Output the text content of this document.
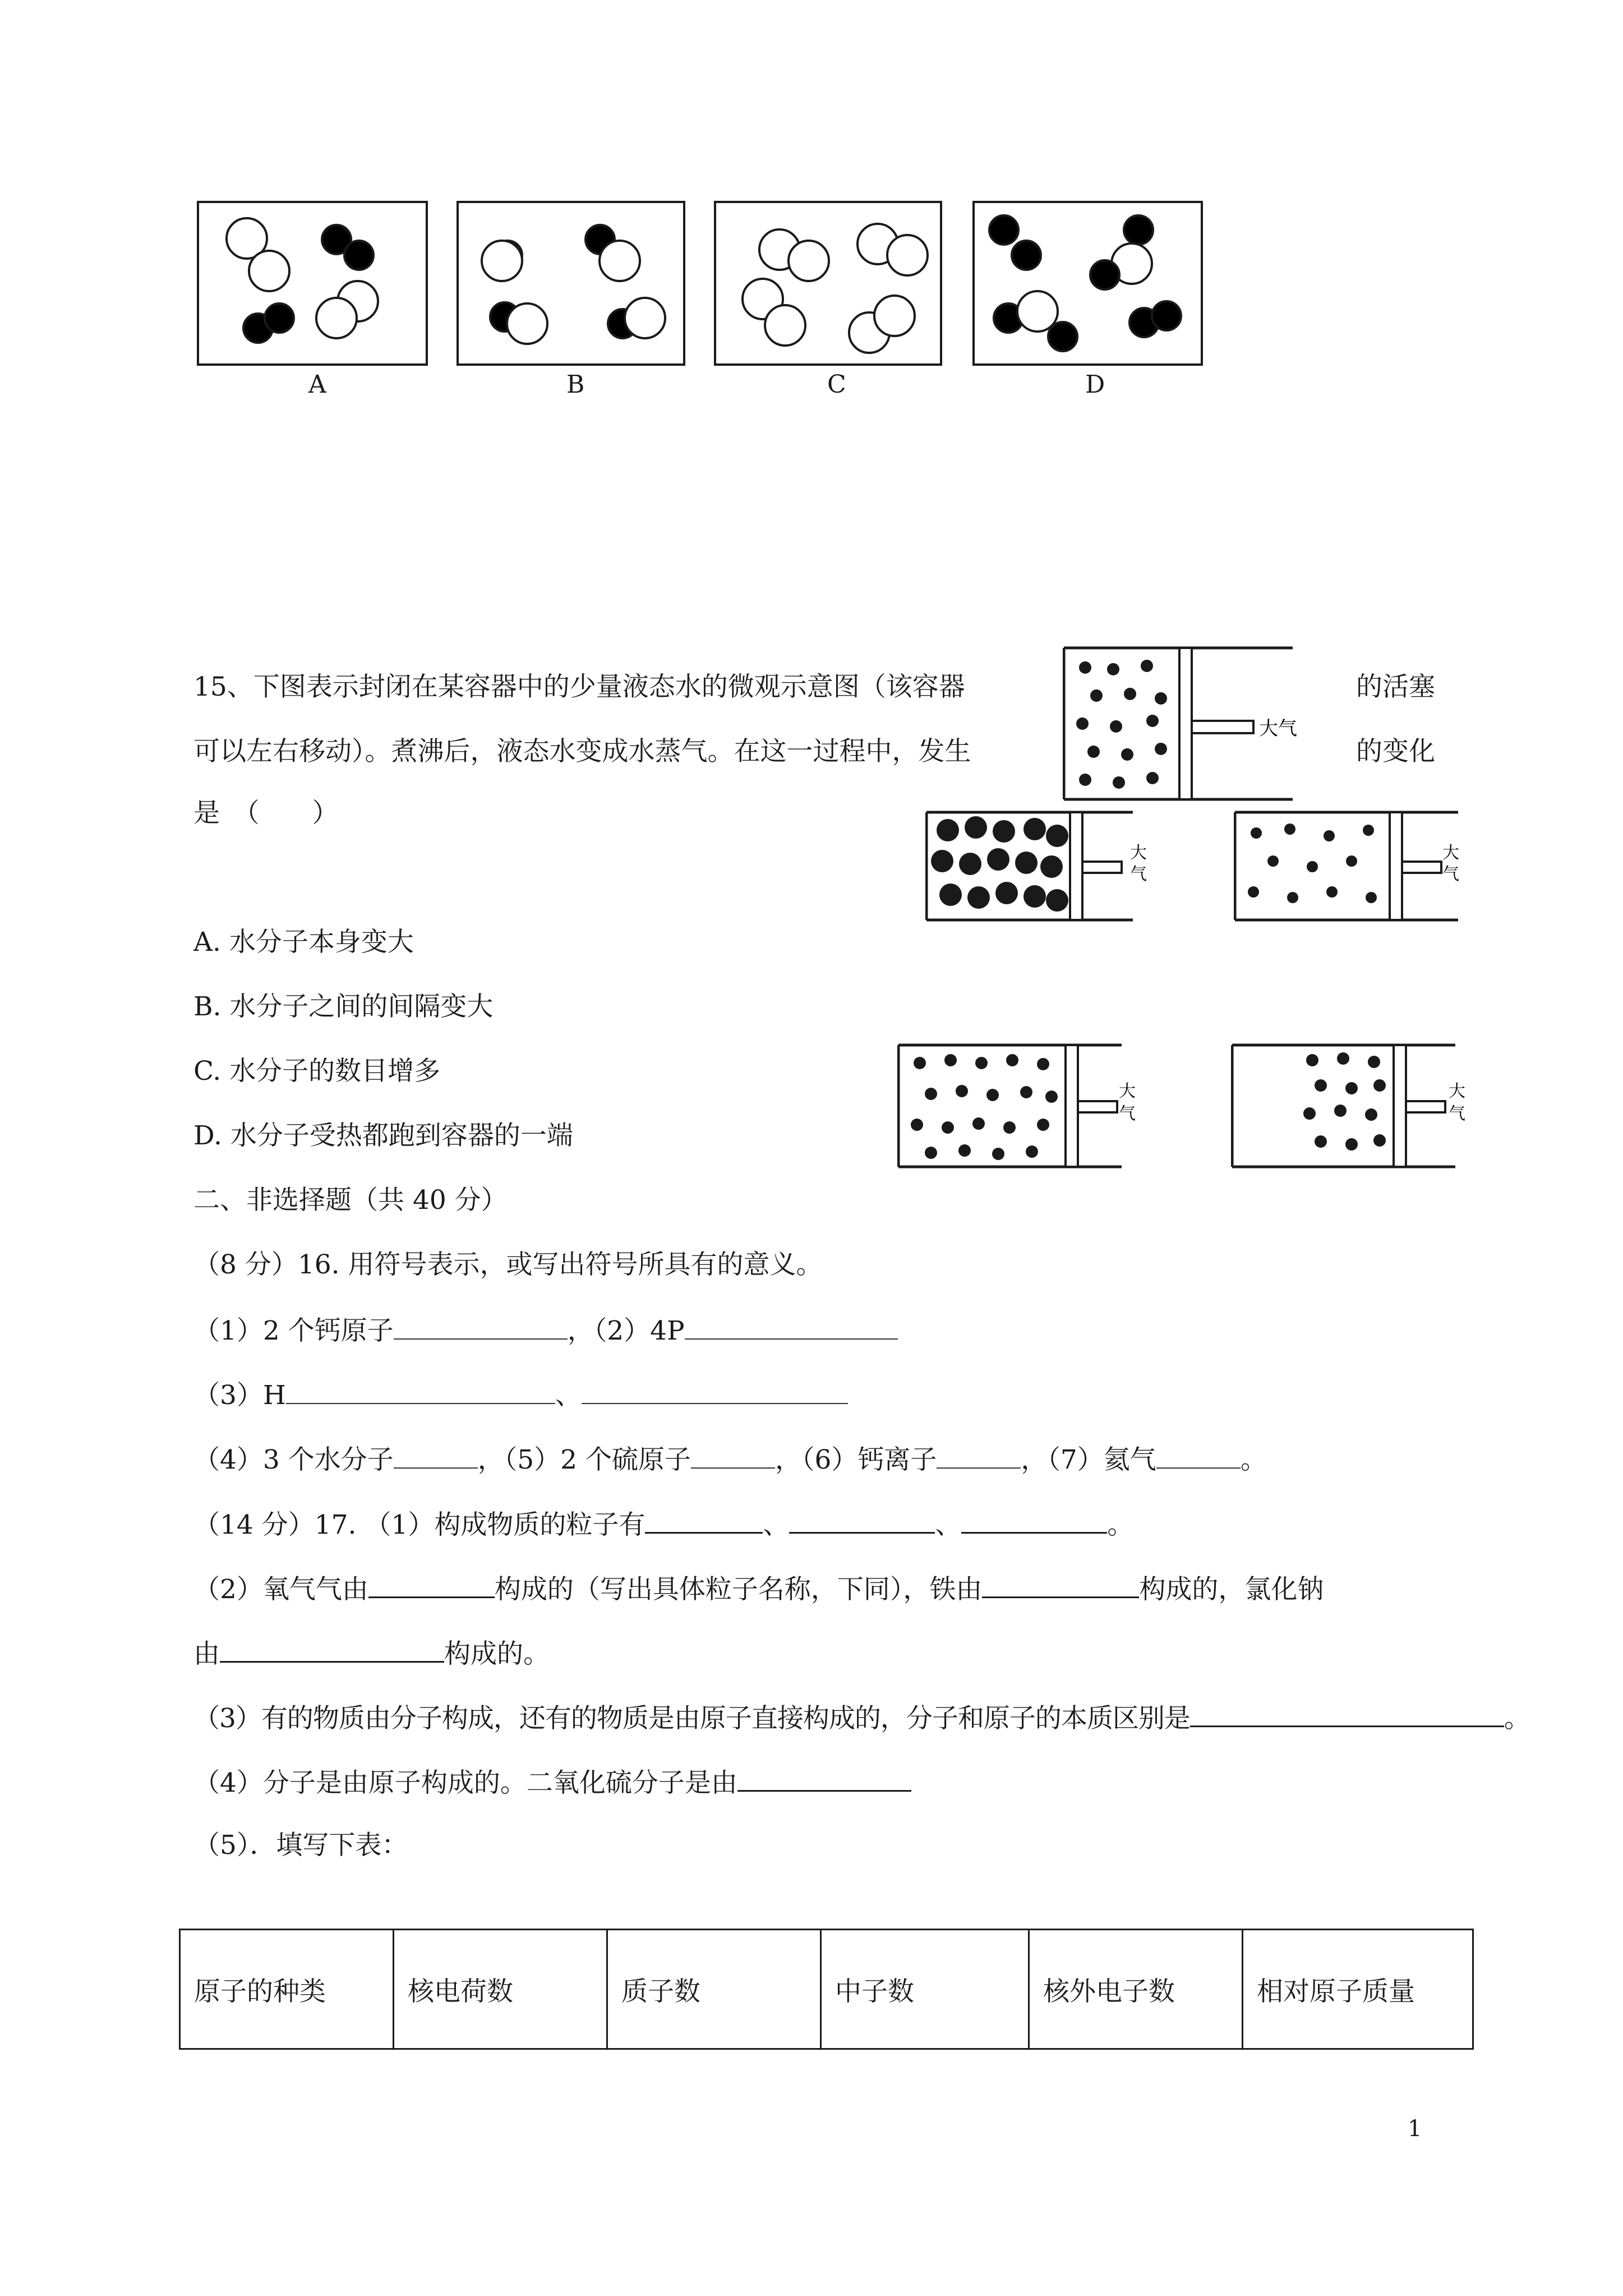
A	B	C	D
15、下图表示封闭在某容器中的少量液态水的微观示意图（该容器	的活塞
可以左右移动）。煮沸后，液态水变成水蒸气。在这一过程中，发生	的变化
是　（　　）
大气
大
气
大
气
A. 水分子本身变大
B. 水分子之间的间隔变大
C. 水分子的数目增多
D. 水分子受热都跑到容器的一端
大
气
大
气
二、非选择题（共 40 分）
（8 分）16. 用符号表示，或写出符号所具有的意义。
（1）2 个钙原子	，（2）4P
（3）H	、
（4）3 个水分子	，（5）2 个硫原子	，（6）钙离子	，（7）氦气	。
（14 分）17. （1）构成物质的粒子有	、	、	。
（2）氧气气由	构成的（写出具体粒子名称，下同），铁由	构成的，氯化钠
由	构成的。
（3）有的物质由分子构成，还有的物质是由原子直接构成的，分子和原子的本质区别是	。
（4）分子是由原子构成的。二氧化硫分子是由
（5）．填写下表：
原子的种类	核电荷数	质子数	中子数	核外电子数	相对原子质量
1
